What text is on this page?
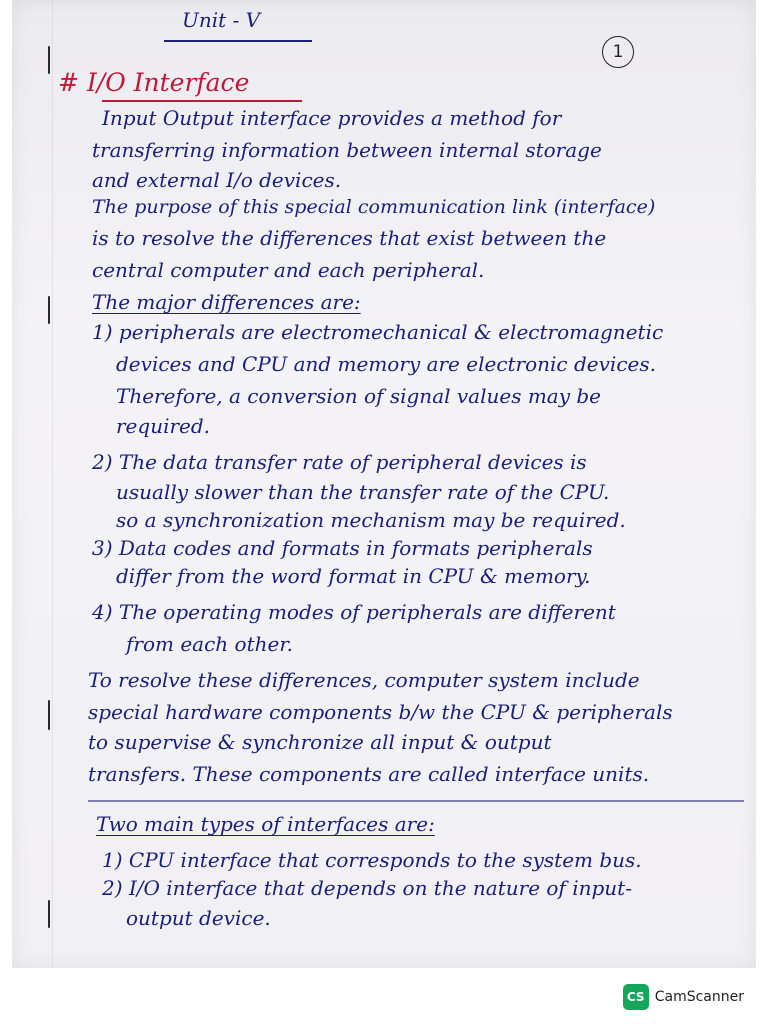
Unit - V
1
# I/O Interface
Input Output interface provides a method for
transferring information between internal storage
and external I/o devices.
The purpose of this special communication link (interface)
is to resolve the differences that exist between the
central computer and each peripheral.
The major differences are:
1) peripherals are electromechanical & electromagnetic
devices and CPU and memory are electronic devices.
Therefore, a conversion of signal values may be
required.
2) The data transfer rate of peripheral devices is
usually slower than the transfer rate of the CPU.
so a synchronization mechanism may be required.
3) Data codes and formats in formats peripherals
differ from the word format in CPU & memory.
4) The operating modes of peripherals are different
from each other.
To resolve these differences, computer system include
special hardware components b/w the CPU & peripherals
to supervise & synchronize all input & output
transfers. These components are called interface units.
Two main types of interfaces are:
1) CPU interface that corresponds to the system bus.
2) I/O interface that depends on the nature of input-
output device.
CS CamScanner
